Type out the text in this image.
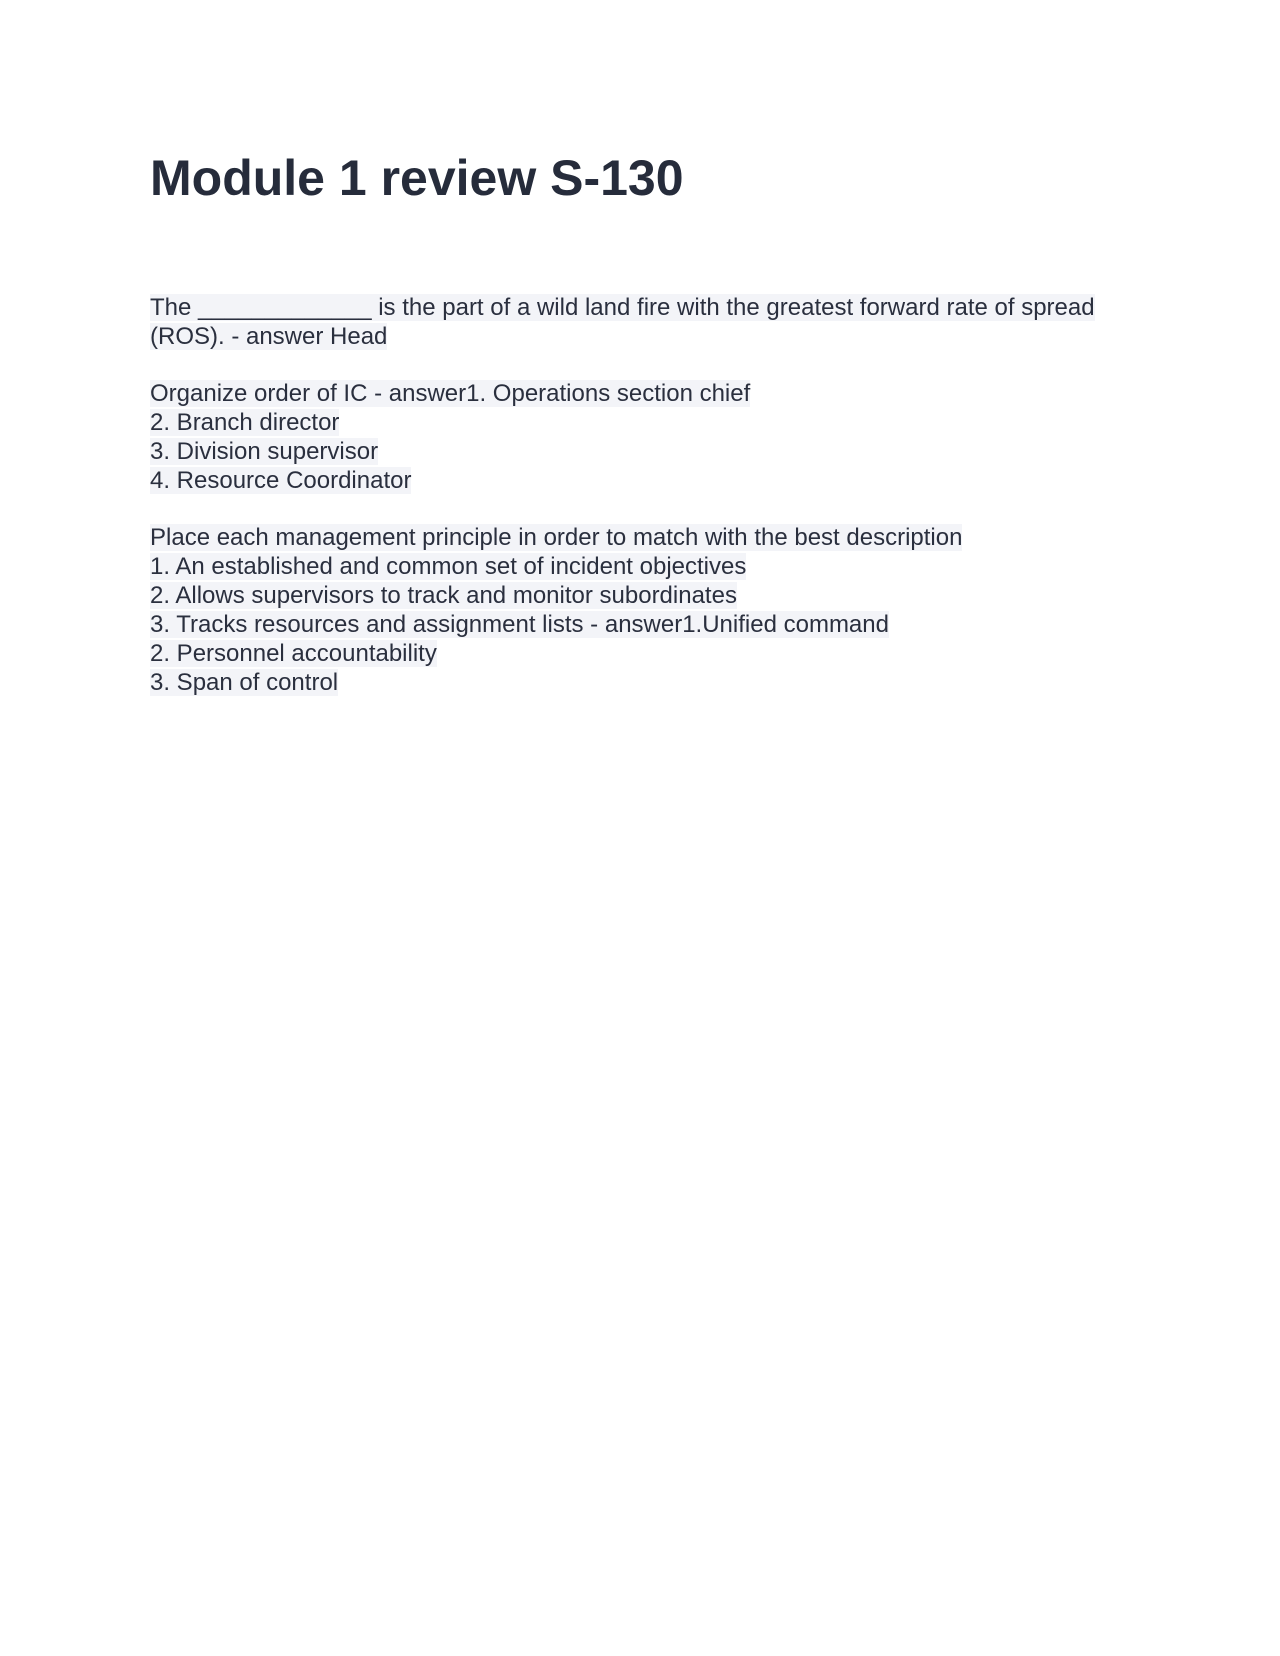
Module 1 review S-130
The _____________ is the part of a wild land fire with the greatest forward rate of spread
(ROS). - answer Head
Organize order of IC - answer1. Operations section chief
2. Branch director
3. Division supervisor
4. Resource Coordinator
Place each management principle in order to match with the best description
1. An established and common set of incident objectives
2. Allows supervisors to track and monitor subordinates
3. Tracks resources and assignment lists - answer1.Unified command
2. Personnel accountability
3. Span of control
